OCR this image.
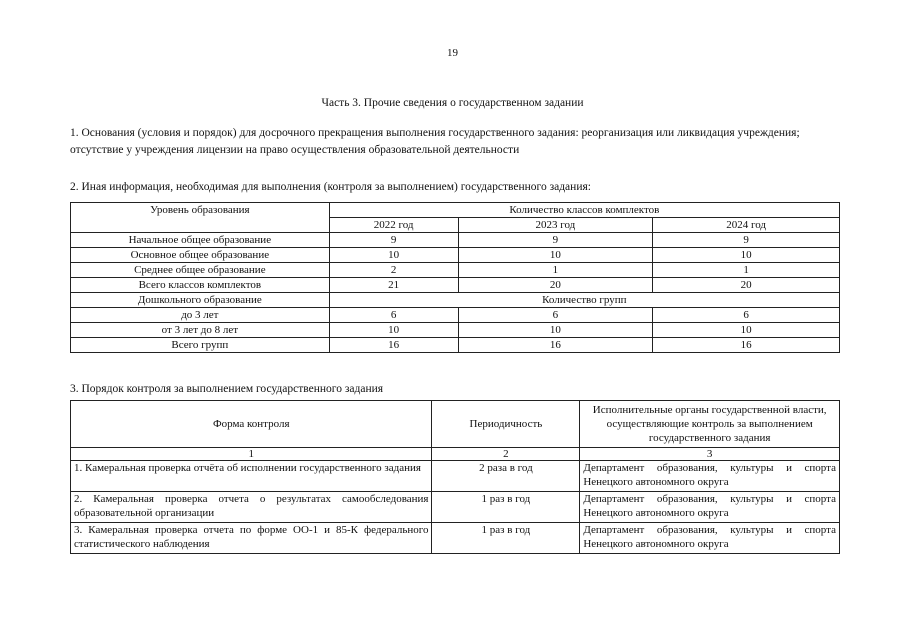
19
Часть 3. Прочие сведения о государственном задании
1. Основания (условия и порядок) для досрочного прекращения выполнения государственного задания: реорганизация или ликвидация учреждения; отсутствие у учреждения лицензии на право осуществления образовательной деятельности
2. Иная информация, необходимая для выполнения (контроля за выполнением) государственного задания:
Уровень образования	Количество классов комплектов		
	2022 год	2023 год	2024 год
Начальное общее образование	9	9	9
Основное общее образование	10	10	10
Среднее общее образование	2	1	1
Всего классов комплектов	21	20	20
Дошкольного образование	Количество групп		
до 3 лет	6	6	6
от 3 лет до 8 лет	10	10	10
Всего групп	16	16	16
3. Порядок контроля за выполнением государственного задания
Форма контроля	Периодичность	Исполнительные органы государственной власти, осуществляющие контроль за выполнением государственного задания
1	2	3
1. Камеральная проверка отчёта об исполнении государственного задания	2 раза в год	Департамент образования, культуры и спорта Ненецкого автономного округа
2. Камеральная проверка отчета о результатах самообследования образовательной организации	1 раз в год	Департамент образования, культуры и спорта Ненецкого автономного округа
3. Камеральная проверка отчета по форме ОО-1 и 85-К федерального статистического наблюдения	1 раз в год	Департамент образования, культуры и спорта Ненецкого автономного округа
